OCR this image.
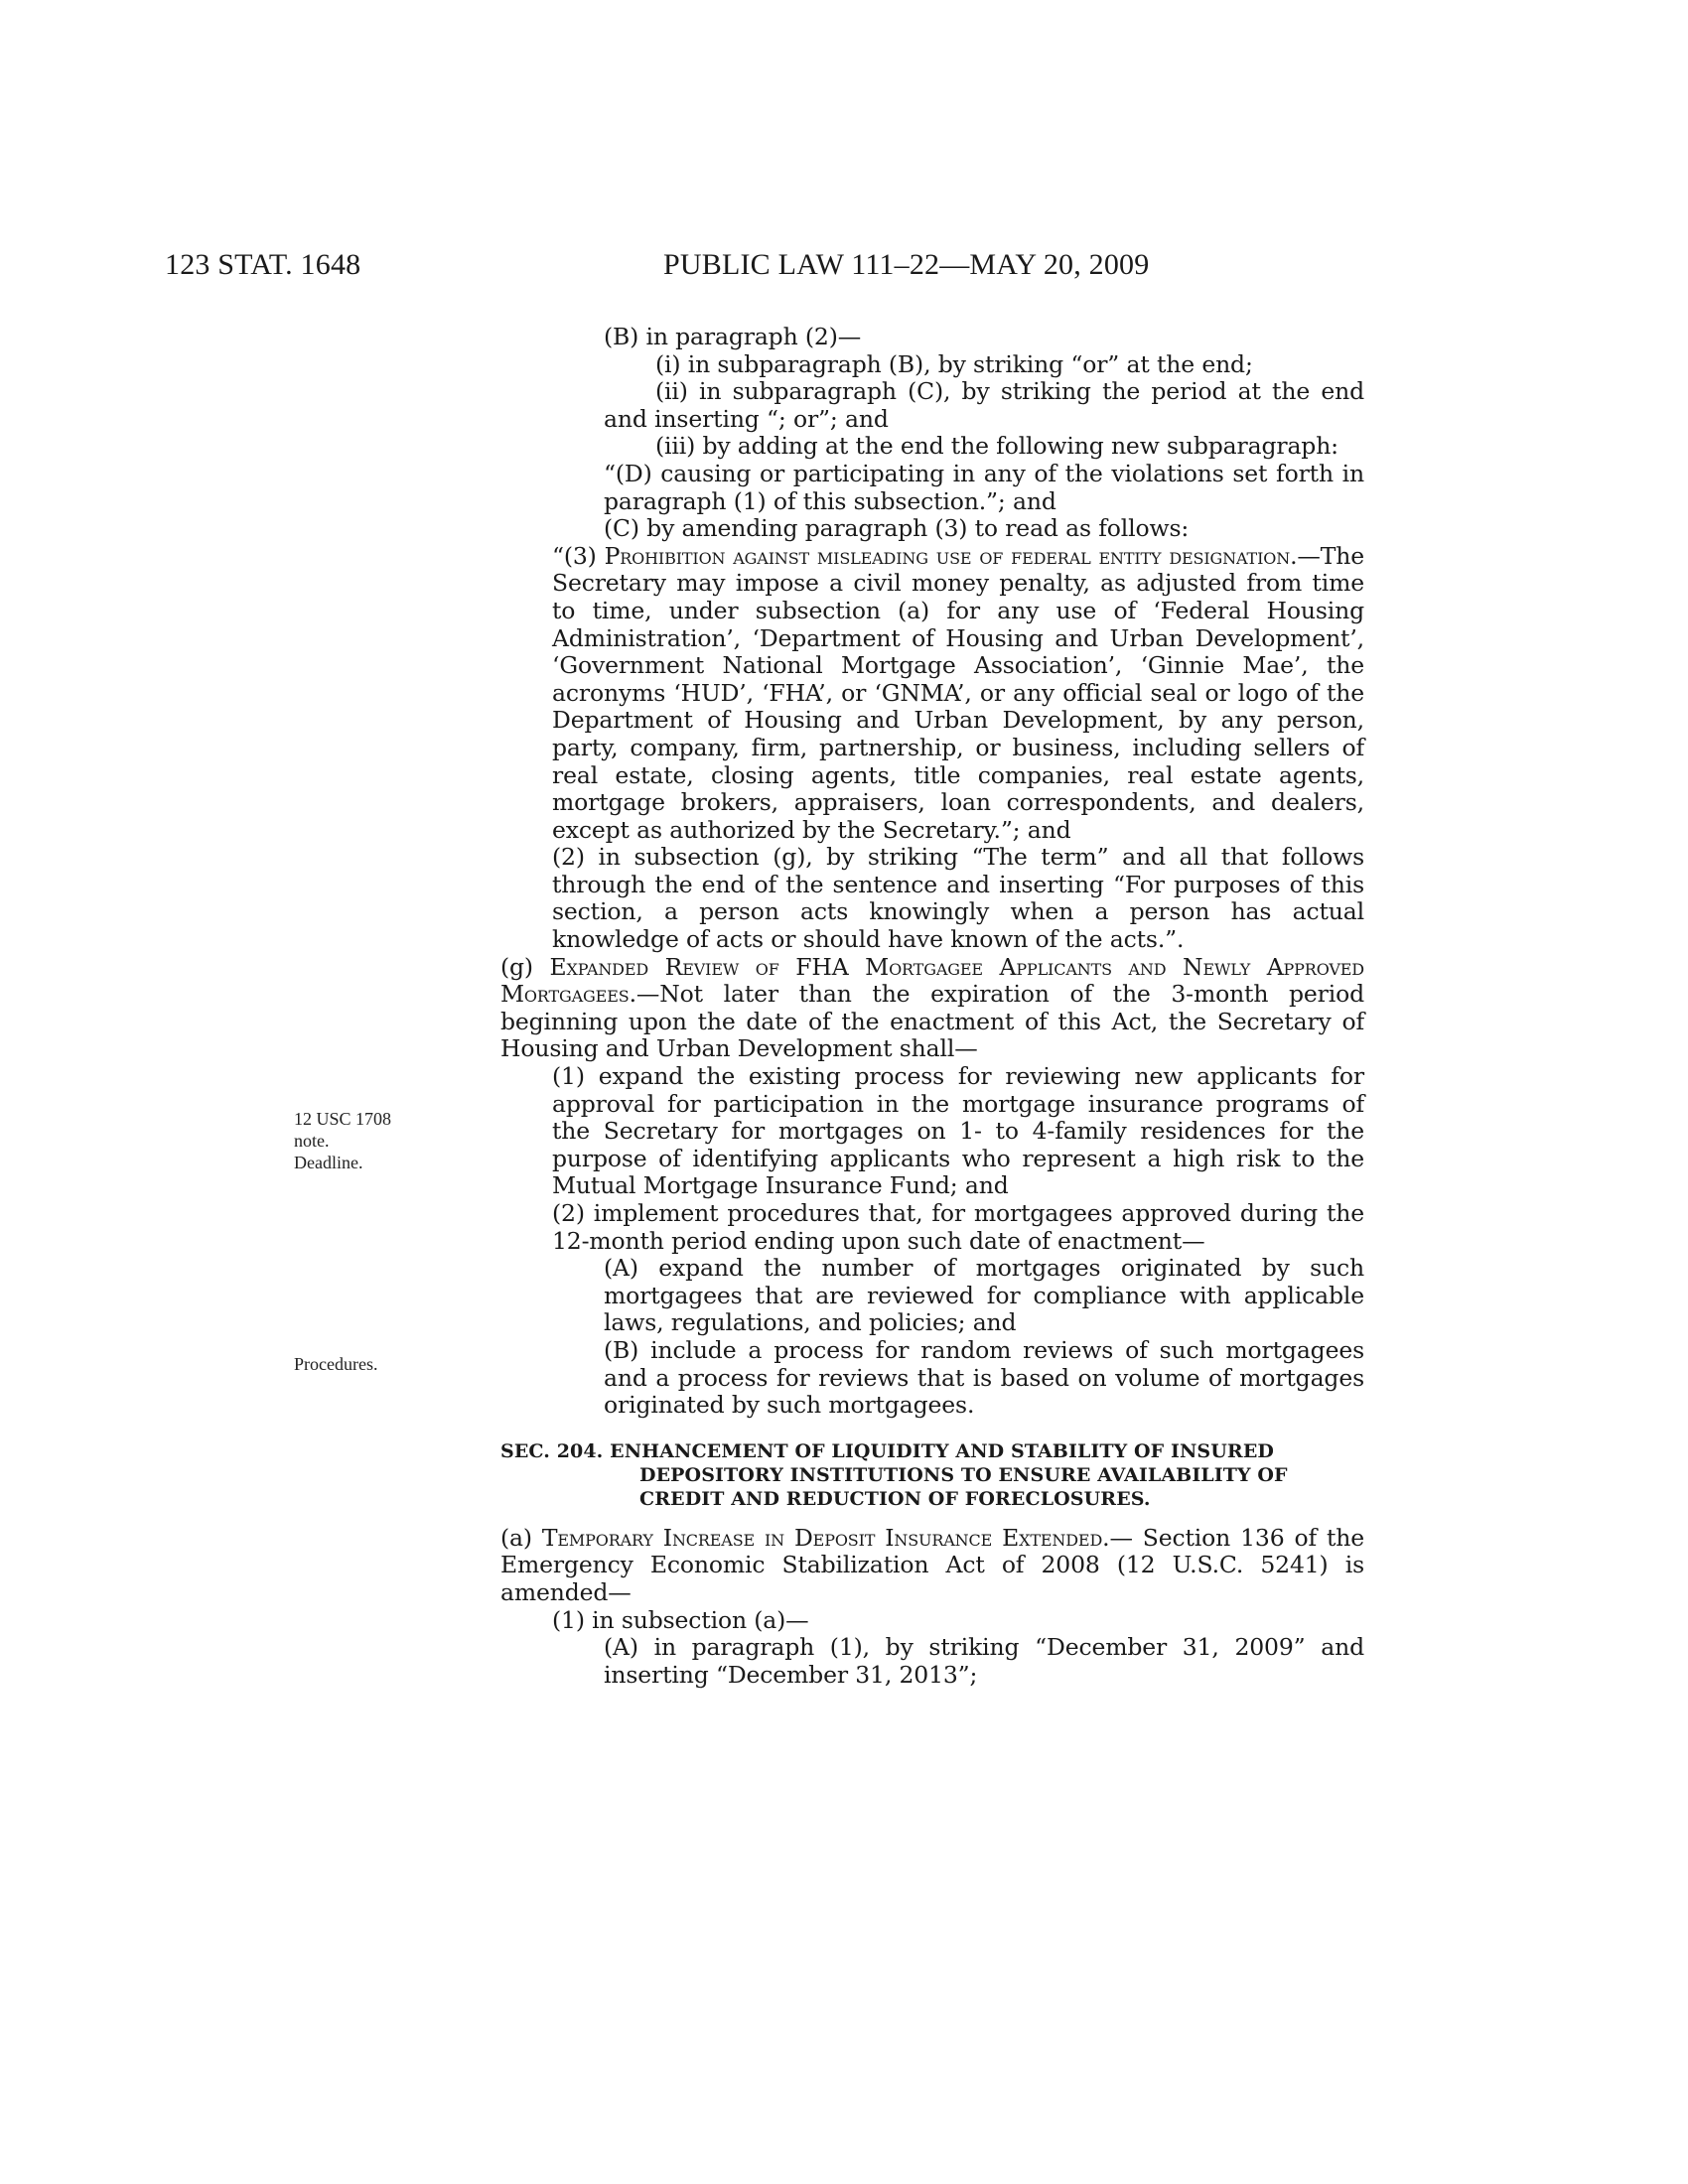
123 STAT. 1648	PUBLIC LAW 111–22—MAY 20, 2009
12 USC 1708
note.
Deadline.
Procedures.

(B) in paragraph (2)—

(i) in subparagraph (B), by striking “or” at the end;

(ii) in subparagraph (C), by striking the period at the end and inserting “; or”; and

(iii) by adding at the end the following new subparagraph:

“(D) causing or participating in any of the violations set forth in paragraph (1) of this subsection.”; and

(C) by amending paragraph (3) to read as follows:

“(3) Prohibition against misleading use of federal entity designation.—The Secretary may impose a civil money penalty, as adjusted from time to time, under subsection (a) for any use of ‘Federal Housing Administration’, ‘Department of Housing and Urban Development’, ‘Government National Mortgage Association’, ‘Ginnie Mae’, the acronyms ‘HUD’, ‘FHA’, or ‘GNMA’, or any official seal or logo of the Department of Housing and Urban Development, by any person, party, company, firm, partnership, or business, including sellers of real estate, closing agents, title companies, real estate agents, mortgage brokers, appraisers, loan correspondents, and dealers, except as authorized by the Secretary.”; and

(2) in subsection (g), by striking “The term” and all that follows through the end of the sentence and inserting “For purposes of this section, a person acts knowingly when a person has actual knowledge of acts or should have known of the acts.”.

(g) Expanded Review of FHA Mortgagee Applicants and Newly Approved Mortgagees.—Not later than the expiration of the 3-month period beginning upon the date of the enactment of this Act, the Secretary of Housing and Urban Development shall—

(1) expand the existing process for reviewing new applicants for approval for participation in the mortgage insurance programs of the Secretary for mortgages on 1- to 4-family residences for the purpose of identifying applicants who represent a high risk to the Mutual Mortgage Insurance Fund; and

(2) implement procedures that, for mortgagees approved during the 12-month period ending upon such date of enactment—

(A) expand the number of mortgages originated by such mortgagees that are reviewed for compliance with applicable laws, regulations, and policies; and

(B) include a process for random reviews of such mortgagees and a process for reviews that is based on volume of mortgages originated by such mortgagees.

SEC. 204. ENHANCEMENT OF LIQUIDITY AND STABILITY OF INSURED DEPOSITORY INSTITUTIONS TO ENSURE AVAILABILITY OF CREDIT AND REDUCTION OF FORECLOSURES.

(a) Temporary Increase in Deposit Insurance Extended.— Section 136 of the Emergency Economic Stabilization Act of 2008 (12 U.S.C. 5241) is amended—

(1) in subsection (a)—

(A) in paragraph (1), by striking “December 31, 2009” and inserting “December 31, 2013”;
